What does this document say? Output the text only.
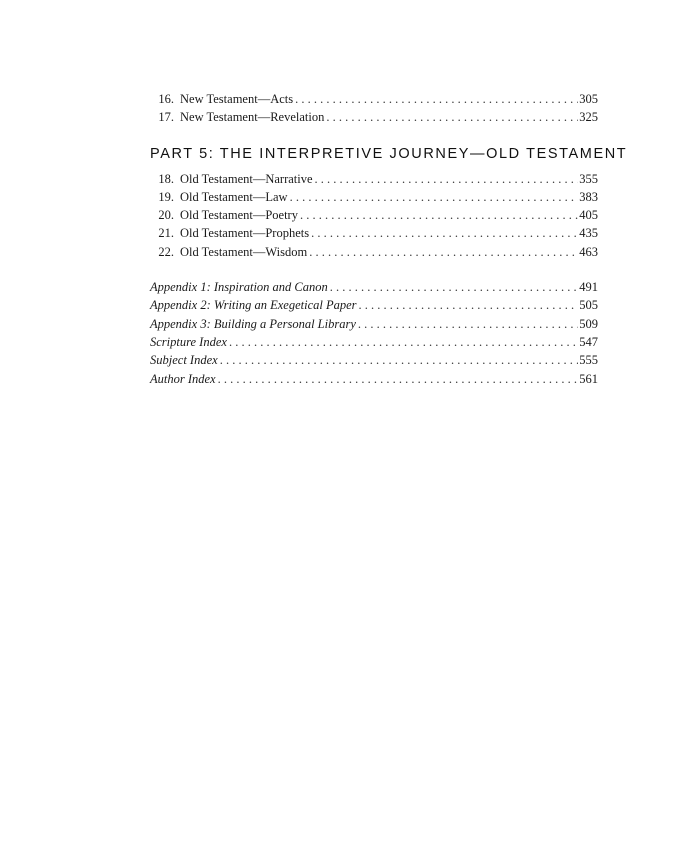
16. New Testament—Acts . . .	305
17. New Testament—Revelation . . .	325
PART 5: THE INTERPRETIVE JOURNEY—OLD TESTAMENT
18. Old Testament—Narrative . . .	355
19. Old Testament—Law . . .	383
20. Old Testament—Poetry . . .	405
21. Old Testament—Prophets . . .	435
22. Old Testament—Wisdom . . .	463
Appendix 1: Inspiration and Canon . . .	491
Appendix 2: Writing an Exegetical Paper . . .	505
Appendix 3: Building a Personal Library . . .	509
Scripture Index . . .	547
Subject Index . . .	555
Author Index . . .	561
